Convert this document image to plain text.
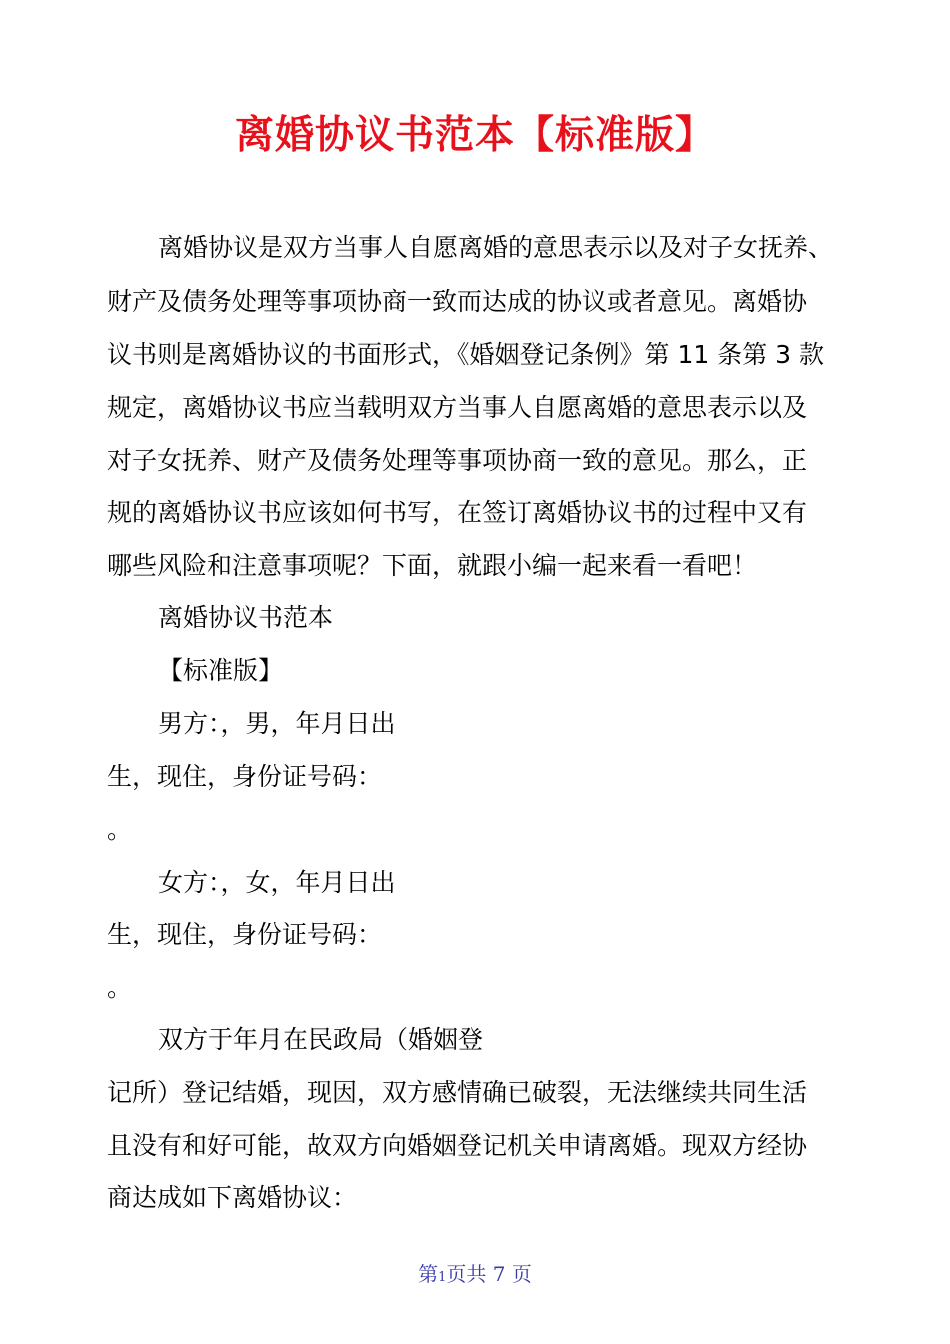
离婚协议书范本【标准版】
离婚协议是双方当事人自愿离婚的意思表示以及对子女抚养、
财产及债务处理等事项协商一致而达成的协议或者意见。离婚协
议书则是离婚协议的书面形式，《婚姻登记条例》第 11 条第 3 款
规定，离婚协议书应当载明双方当事人自愿离婚的意思表示以及
对子女抚养、财产及债务处理等事项协商一致的意见。那么，正
规的离婚协议书应该如何书写，在签订离婚协议书的过程中又有
哪些风险和注意事项呢？下面，就跟小编一起来看一看吧！
离婚协议书范本
【标准版】
男方：，男，年月日出
生，现住，身份证号码：
。
女方：，女，年月日出
生，现住，身份证号码：
。
双方于年月在民政局（婚姻登
记所）登记结婚，现因，双方感情确已破裂，无法继续共同生活
且没有和好可能，故双方向婚姻登记机关申请离婚。现双方经协
商达成如下离婚协议：
第1页共 7 页
